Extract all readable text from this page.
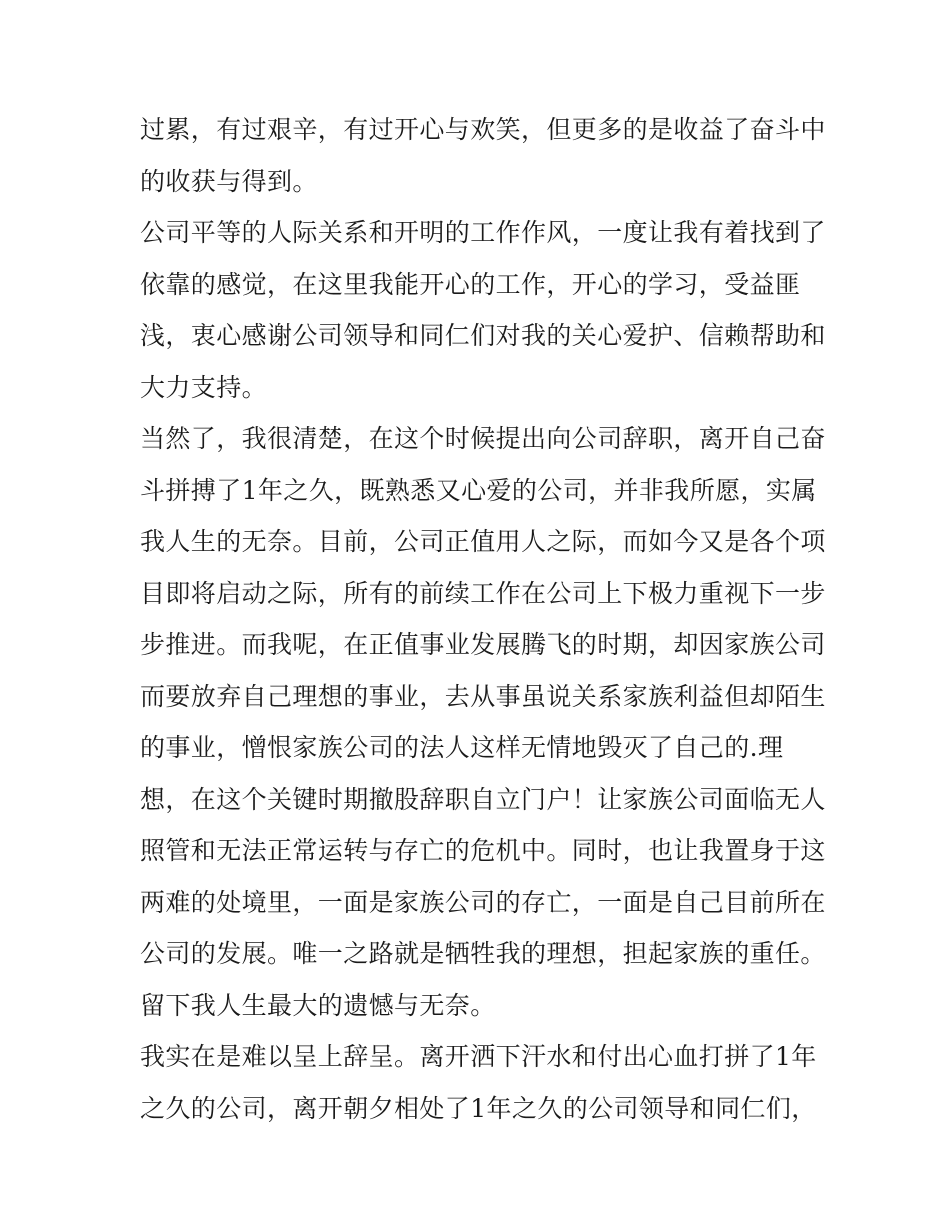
过累，有过艰辛，有过开心与欢笑，但更多的是收益了奋斗中
的收获与得到。
公司平等的人际关系和开明的工作作风，一度让我有着找到了
依靠的感觉，在这里我能开心的工作，开心的学习，受益匪
浅，衷心感谢公司领导和同仁们对我的关心爱护、信赖帮助和
大力支持。
当然了，我很清楚，在这个时候提出向公司辞职，离开自己奋
斗拼搏了1年之久，既熟悉又心爱的公司，并非我所愿，实属
我人生的无奈。目前，公司正值用人之际，而如今又是各个项
目即将启动之际，所有的前续工作在公司上下极力重视下一步
步推进。而我呢，在正值事业发展腾飞的时期，却因家族公司
而要放弃自己理想的事业，去从事虽说关系家族利益但却陌生
的事业，憎恨家族公司的法人这样无情地毁灭了自己的.理
想，在这个关键时期撤股辞职自立门户！让家族公司面临无人
照管和无法正常运转与存亡的危机中。同时，也让我置身于这
两难的处境里，一面是家族公司的存亡，一面是自己目前所在
公司的发展。唯一之路就是牺牲我的理想，担起家族的重任。
留下我人生最大的遗憾与无奈。
我实在是难以呈上辞呈。离开洒下汗水和付出心血打拼了1年
之久的公司，离开朝夕相处了1年之久的公司领导和同仁们，
